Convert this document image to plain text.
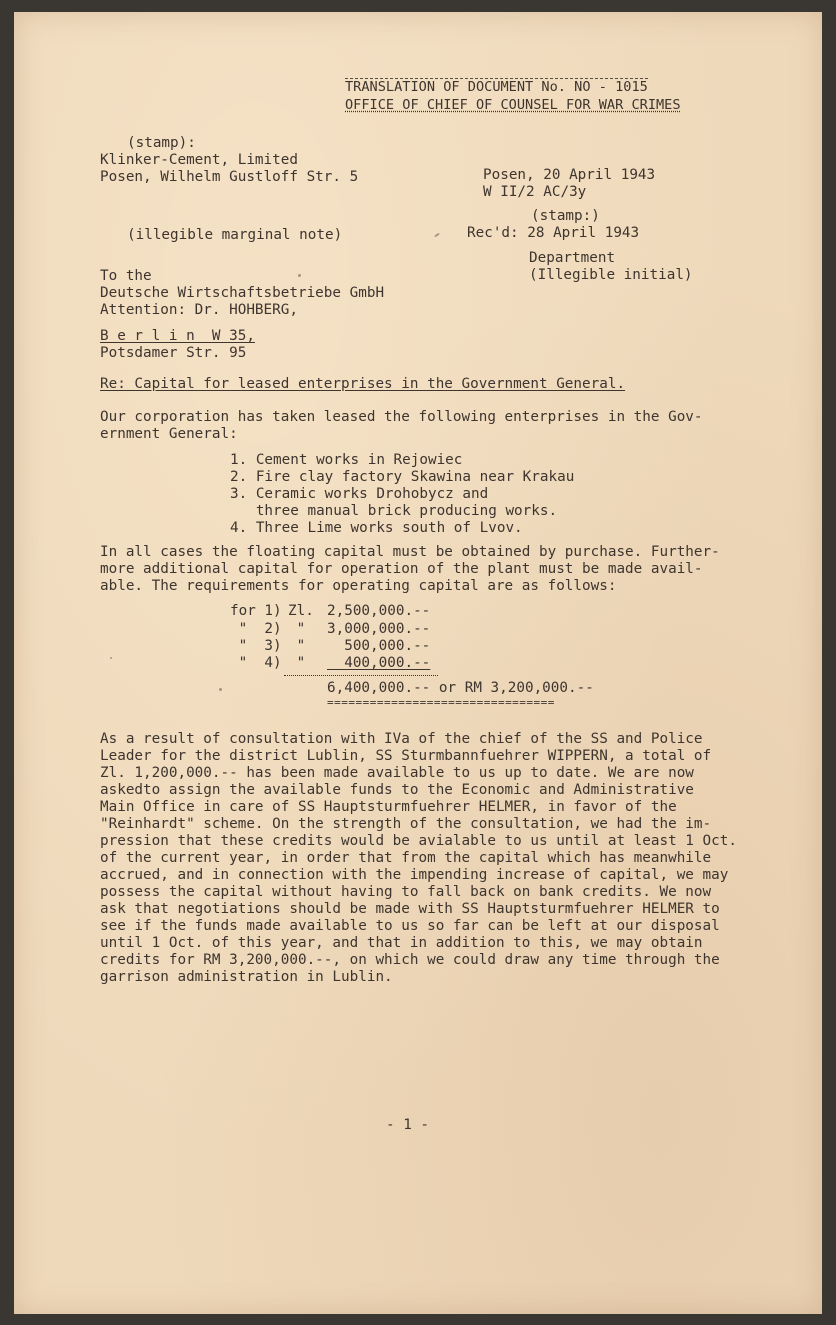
TRANSLATION OF DOCUMENT No. NO - 1015

OFFICE OF CHIEF OF COUNSEL FOR WAR CRIMES

(stamp):

Klinker-Cement, Limited

Posen, Wilhelm Gustloff Str. 5	Posen, 20 April 1943

W II/2 AC/3y

(stamp:)

Rec'd: 28 April 1943

Department

(Illegible initial)

(illegible marginal note)

To the

Deutsche Wirtschaftsbetriebe GmbH

Attention: Dr. HOHBERG,

B e r l i n  W 35,

Potsdamer Str. 95

Re: Capital for leased enterprises in the Government General.

Our corporation has taken leased the following enterprises in the Gov-

ernment General:

1. Cement works in Rejowiec

2. Fire clay factory Skawina near Krakau

3. Ceramic works Drohobycz and

three manual brick producing works.

4. Three Lime works south of Lvov.

In all cases the floating capital must be obtained by purchase. Further-

more additional capital for operation of the plant must be made avail-

able. The requirements for operating capital are as follows:

for 1) Zl. 2,500,000.--

"  2) " 3,000,000.--

"  3) " 500,000.--

"  4) " 400,000.--

6,400,000.-- or RM 3,200,000.--

================================

As a result of consultation with IVa of the chief of the SS and Police

Leader for the district Lublin, SS Sturmbannfuehrer WIPPERN, a total of

Zl. 1,200,000.-- has been made available to us up to date. We are now

askedto assign the available funds to the Economic and Administrative

Main Office in care of SS Hauptsturmfuehrer HELMER, in favor of the

"Reinhardt" scheme. On the strength of the consultation, we had the im-

pression that these credits would be avialable to us until at least 1 Oct.

of the current year, in order that from the capital which has meanwhile

accrued, and in connection with the impending increase of capital, we may

possess the capital without having to fall back on bank credits. We now

ask that negotiations should be made with SS Hauptsturmfuehrer HELMER to

see if the funds made available to us so far can be left at our disposal

until 1 Oct. of this year, and that in addition to this, we may obtain

credits for RM 3,200,000.--, on which we could draw any time through the

garrison administration in Lublin.

- 1 -
